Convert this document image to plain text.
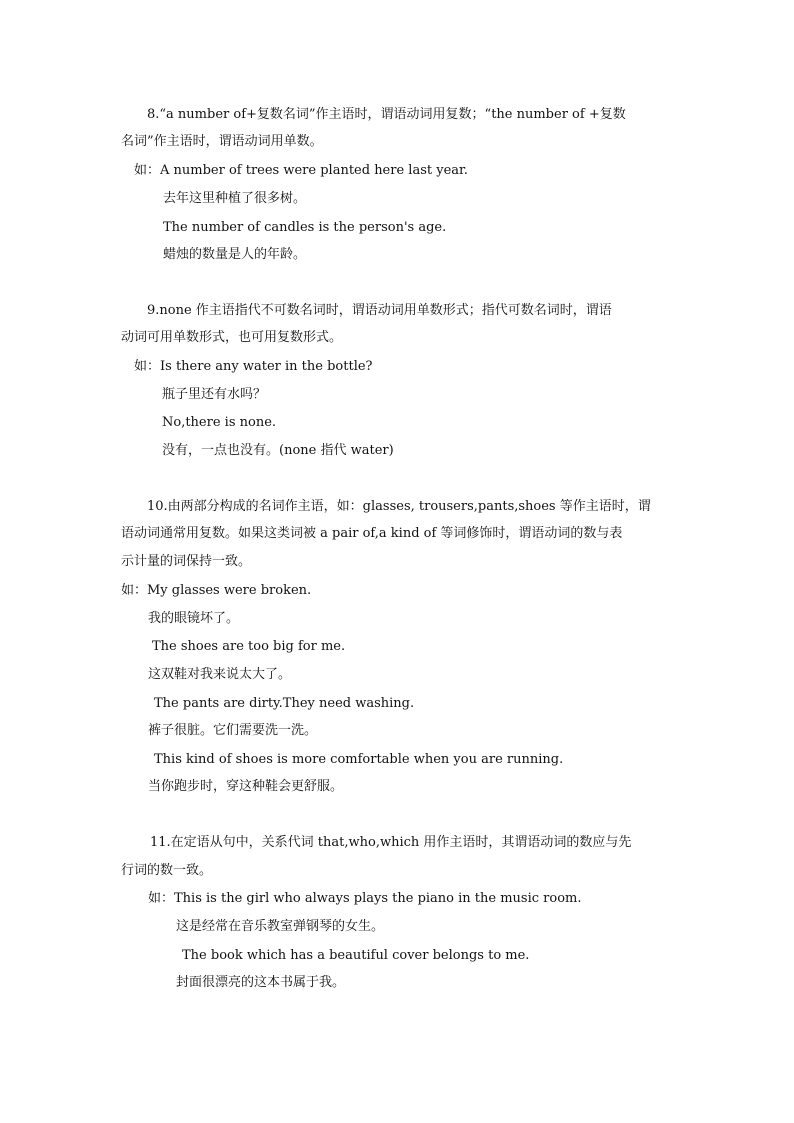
8.“a number of+复数名词”作主语时，谓语动词用复数；“the number of +复数
名词”作主语时，谓语动词用单数。
如：A number of trees were planted here last year.
去年这里种植了很多树。
The number of candles is the person's age.
蜡烛的数量是人的年龄。
9.none 作主语指代不可数名词时，谓语动词用单数形式；指代可数名词时，谓语
动词可用单数形式，也可用复数形式。
如：Is there any water in the bottle?
瓶子里还有水吗？
No,there is none.
没有，一点也没有。(none 指代 water)
10.由两部分构成的名词作主语，如：glasses, trousers,pants,shoes 等作主语时，谓
语动词通常用复数。如果这类词被 a pair of,a kind of 等词修饰时，谓语动词的数与表
示计量的词保持一致。
如：My glasses were broken.
我的眼镜坏了。
The shoes are too big for me.
这双鞋对我来说太大了。
The pants are dirty.They need washing.
裤子很脏。它们需要洗一洗。
This kind of shoes is more comfortable when you are running.
当你跑步时，穿这种鞋会更舒服。
11.在定语从句中，关系代词 that,who,which 用作主语时，其谓语动词的数应与先
行词的数一致。
如：This is the girl who always plays the piano in the music room.
这是经常在音乐教室弹钢琴的女生。
The book which has a beautiful cover belongs to me.
封面很漂亮的这本书属于我。
